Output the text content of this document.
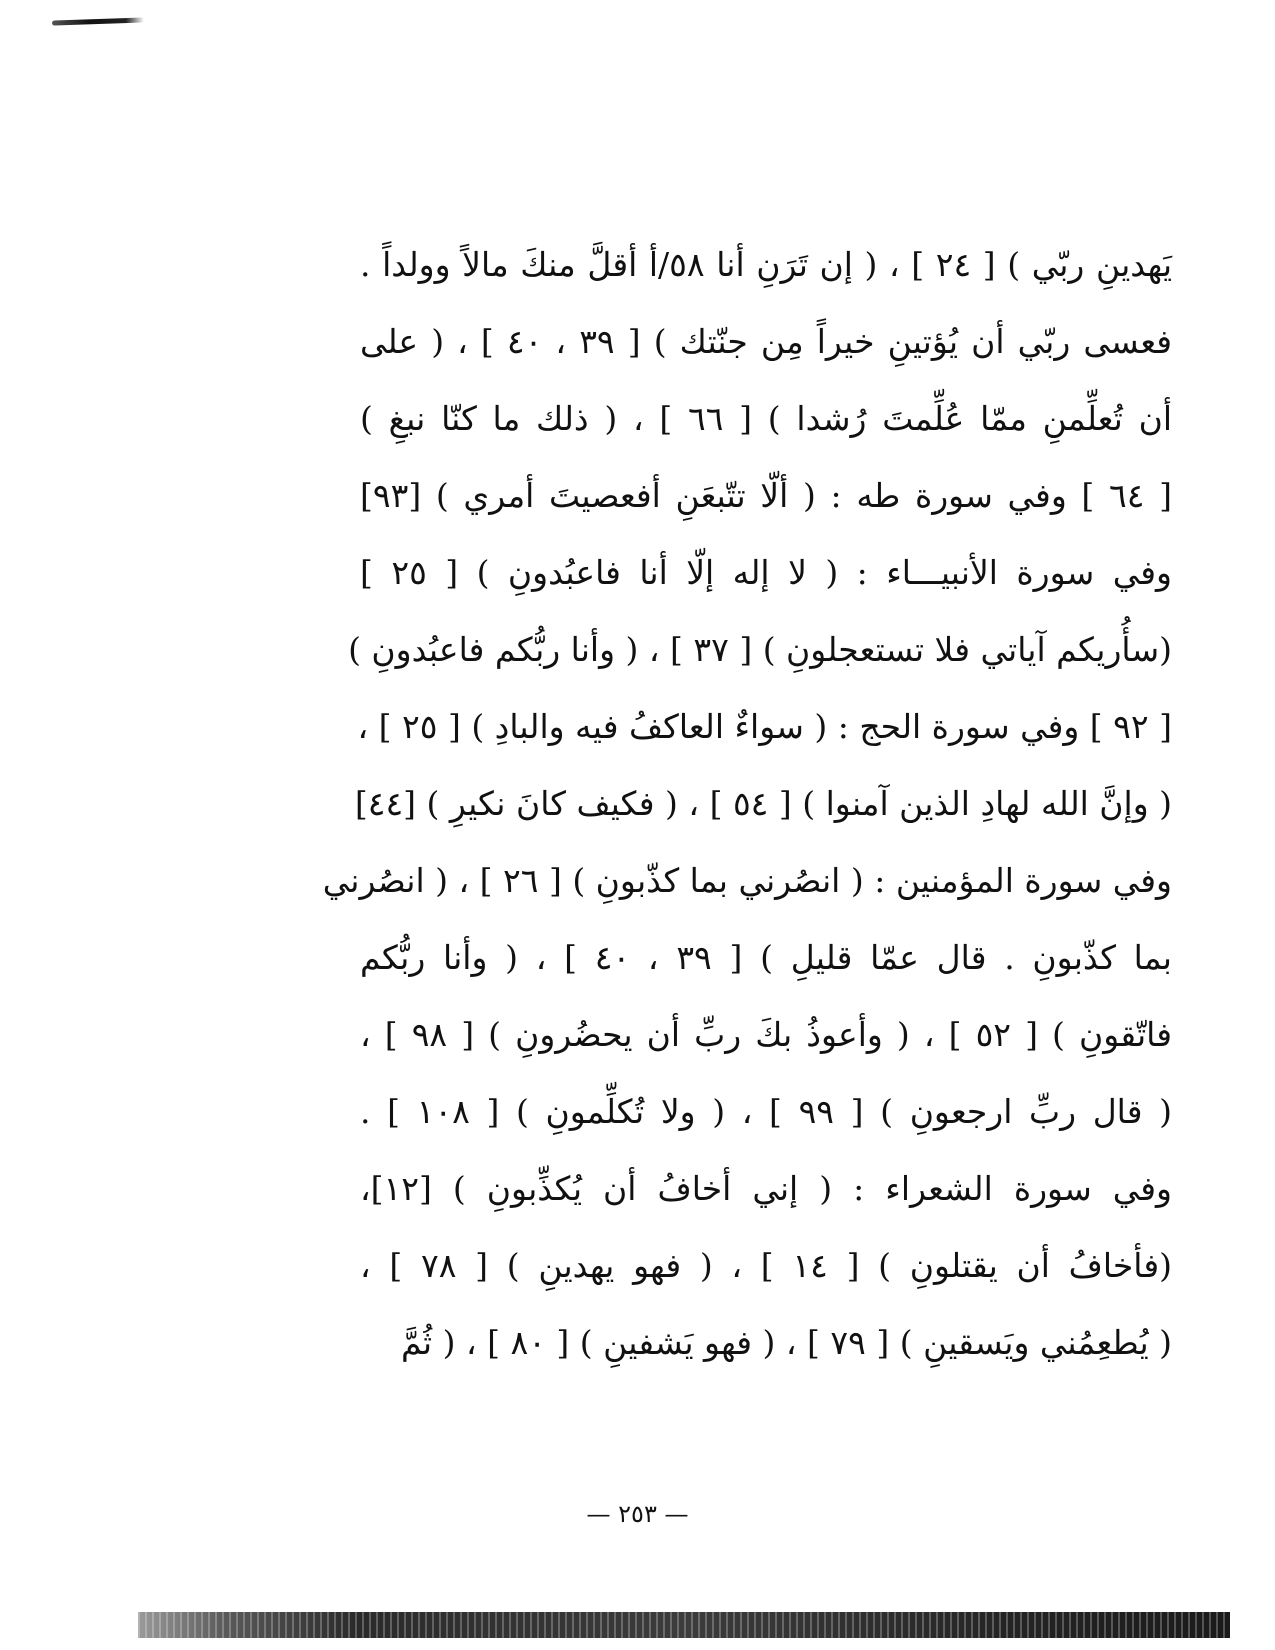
يَهدينِ ربّي ) [ ٢٤ ] ، ( إن تَرَنِ أنا ٥٨/أ أقلَّ منكَ مالاً وولداً .
فعسى ربّي أن يُؤتينِ خيراً مِن جنّتك ) [ ٣٩ ، ٤٠ ] ، ( على
أن تُعلِّمنِ ممّا عُلِّمتَ رُشدا ) [ ٦٦ ] ، ( ذلك ما كنّا نبغِ )
[ ٦٤ ] وفي سورة طه : ( ألّا تتّبعَنِ أفعصيتَ أمري ) [٩٣]
وفي سورة الأنبيـــاء : ( لا إله إلّا أنا فاعبُدونِ ) [ ٢٥ ]
(سأُريكم آياتي فلا تستعجلونِ ) [ ٣٧ ] ، ( وأنا ربُّكم فاعبُدونِ )
[ ٩٢ ] وفي سورة الحج : ( سواءٌ العاكفُ فيه والبادِ ) [ ٢٥ ] ،
( وإنَّ الله لهادِ الذين آمنوا ) [ ٥٤ ] ، ( فكيف كانَ نكيرِ ) [٤٤]
وفي سورة المؤمنين : ( انصُرني بما كذّبونِ ) [ ٢٦ ] ، ( انصُرني
بما كذّبونِ . قال عمّا قليلِ ) [ ٣٩ ، ٤٠ ] ، ( وأنا ربُّكم
فاتّقونِ ) [ ٥٢ ] ، ( وأعوذُ بكَ ربِّ أن يحضُرونِ ) [ ٩٨ ] ،
( قال ربِّ ارجعونِ ) [ ٩٩ ] ، ( ولا تُكلِّمونِ ) [ ١٠٨ ] .
وفي سورة الشعراء : ( إني أخافُ أن يُكذِّبونِ ) [١٢]،
(فأخافُ أن يقتلونِ ) [ ١٤ ] ، ( فهو يهدينِ ) [ ٧٨ ] ،
( يُطعِمُني ويَسقينِ ) [ ٧٩ ] ، ( فهو يَشفينِ ) [ ٨٠ ] ، ( ثُمَّ
— ٢٥٣ —
